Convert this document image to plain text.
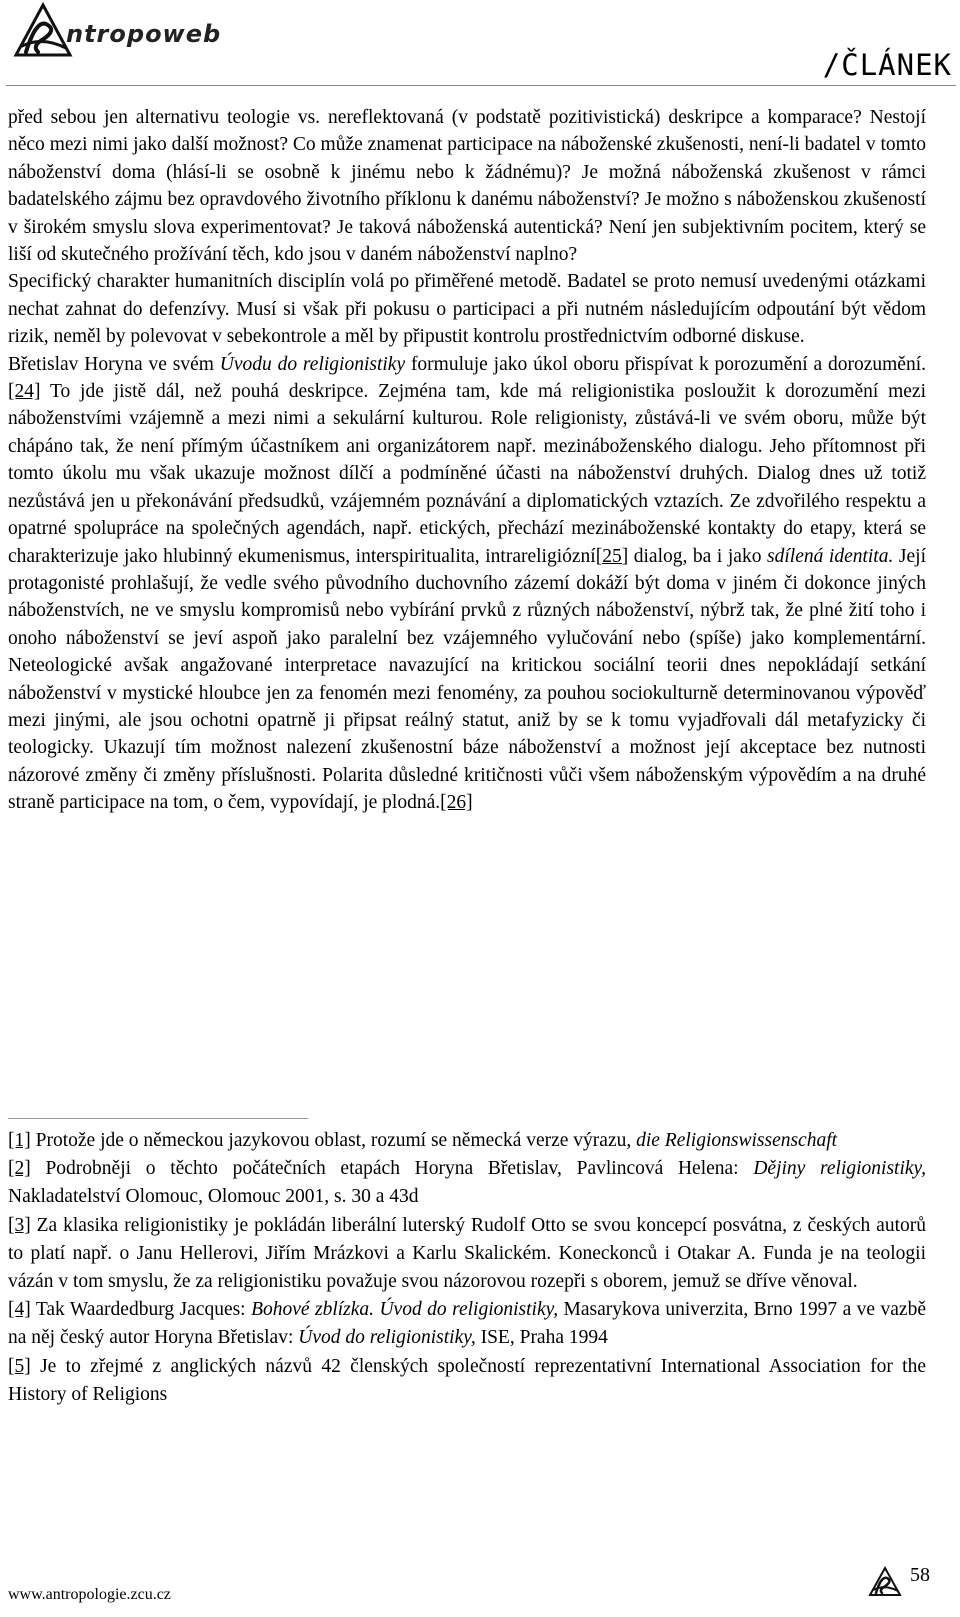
ntropoweb
/ČLÁNEK

před sebou jen alternativu teologie vs. nereflektovaná (v podstatě pozitivistická) deskripce a komparace? Nestojí něco mezi nimi jako další možnost? Co může znamenat participace na náboženské zkušenosti, není-li badatel v tomto náboženství doma (hlásí-li se osobně k jinému nebo k žádnému)? Je možná náboženská zkušenost v rámci badatelského zájmu bez opravdového životního příklonu k danému náboženství? Je možno s náboženskou zkušeností v širokém smyslu slova experimentovat? Je taková náboženská autentická? Není jen subjektivním pocitem, který se liší od skutečného prožívání těch, kdo jsou v daném náboženství naplno?

Specifický charakter humanitních disciplín volá po přiměřené metodě. Badatel se proto nemusí uvedenými otázkami nechat zahnat do defenzívy. Musí si však při pokusu o participaci a při nutném následujícím odpoutání být vědom rizik, neměl by polevovat v sebekontrole a měl by připustit kontrolu prostřednictvím odborné diskuse.

Břetislav Horyna ve svém Úvodu do religionistiky formuluje jako úkol oboru přispívat k porozumění a dorozumění.[24] To jde jistě dál, než pouhá deskripce. Zejména tam, kde má religionistika posloužit k dorozumění mezi náboženstvími vzájemně a mezi nimi a sekulární kulturou. Role religionisty, zůstává-li ve svém oboru, může být chápáno tak, že není přímým účastníkem ani organizátorem např. mezináboženského dialogu. Jeho přítomnost při tomto úkolu mu však ukazuje možnost dílčí a podmíněné účasti na náboženství druhých. Dialog dnes už totiž nezůstává jen u překonávání předsudků, vzájemném poznávání a diplomatických vztazích. Ze zdvořilého respektu a opatrné spolupráce na společných agendách, např. etických, přechází mezináboženské kontakty do etapy, která se charakterizuje jako hlubinný ekumenismus, interspiritualita, intrareligiózní[25] dialog, ba i jako sdílená identita. Její protagonisté prohlašují, že vedle svého původního duchovního zázemí dokáží být doma v jiném či dokonce jiných náboženstvích, ne ve smyslu kompromisů nebo vybírání prvků z různých náboženství, nýbrž tak, že plné žití toho i onoho náboženství se jeví aspoň jako paralelní bez vzájemného vylučování nebo (spíše) jako komplementární. Neteologické avšak angažované interpretace navazující na kritickou sociální teorii dnes nepokládají setkání náboženství v mystické hloubce jen za fenomén mezi fenomény, za pouhou sociokulturně determinovanou výpověď mezi jinými, ale jsou ochotni opatrně ji připsat reálný statut, aniž by se k tomu vyjadřovali dál metafyzicky či teologicky. Ukazují tím možnost nalezení zkušenostní báze náboženství a možnost její akceptace bez nutnosti názorové změny či změny příslušnosti. Polarita důsledné kritičnosti vůči všem náboženským výpovědím a na druhé straně participace na tom, o čem, vypovídají, je plodná.[26]

[1] Protože jde o německou jazykovou oblast, rozumí se německá verze výrazu, die Religionswissenschaft

[2] Podrobněji o těchto počátečních etapách Horyna Břetislav, Pavlincová Helena: Dějiny religionistiky, Nakladatelství Olomouc, Olomouc 2001, s. 30 a 43d

[3] Za klasika religionistiky je pokládán liberální luterský Rudolf Otto se svou koncepcí posvátna, z českých autorů to platí např. o Janu Hellerovi, Jiřím Mrázkovi a Karlu Skalickém. Koneckonců i Otakar A. Funda je na teologii vázán v tom smyslu, že za religionistiku považuje svou názorovou rozepři s oborem, jemuž se dříve věnoval.

[4] Tak Waardedburg Jacques: Bohové zblízka. Úvod do religionistiky, Masarykova univerzita, Brno 1997 a ve vazbě na něj český autor Horyna Břetislav: Úvod do religionistiky, ISE, Praha 1994

[5] Je to zřejmé z anglických názvů 42 členských společností reprezentativní International Association for the History of Religions

www.antropologie.zcu.cz
58
